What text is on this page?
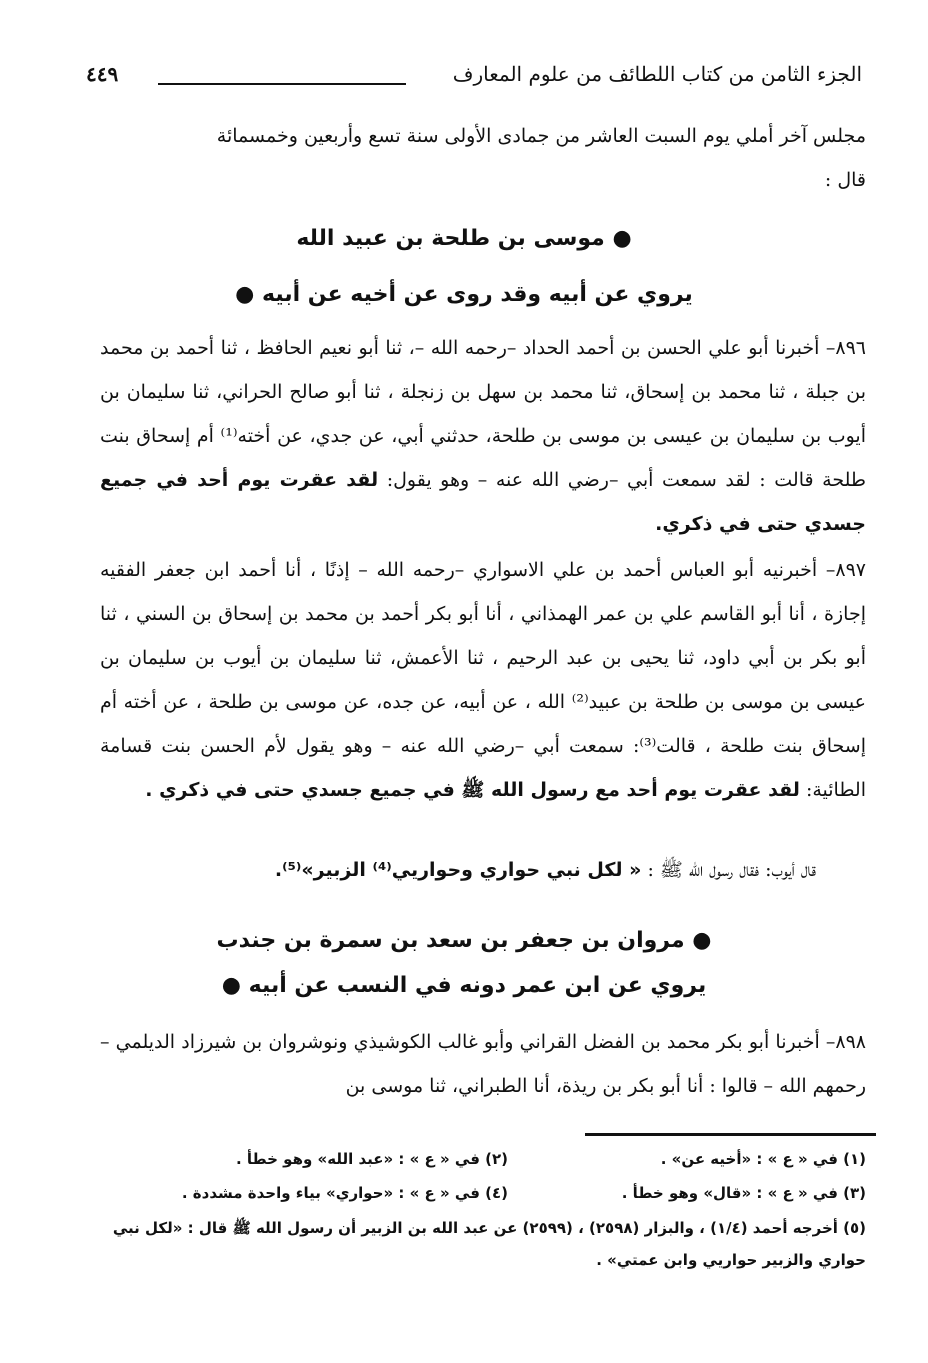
الجزء الثامن من كتاب اللطائف من علوم المعارف
٤٤٩
مجلس آخر أملي يوم السبت العاشر من جمادى الأولى سنة تسع وأربعين وخمسمائة
قال :
● موسى بن طلحة بن عبيد الله
يروي عن أبيه وقد روى عن أخيه عن أبيه ●

٨٩٦– أخبرنا أبو علي الحسن بن أحمد الحداد –رحمه الله –، ثنا أبو نعيم الحافظ ، ثنا أحمد بن محمد بن جبلة ، ثنا محمد بن إسحاق، ثنا محمد بن سهل بن زنجلة ، ثنا أبو صالح الحراني، ثنا سليمان بن أيوب بن سليمان بن عيسى بن موسى بن طلحة، حدثني أبي، عن جدي، عن أخته⁽¹⁾ أم إسحاق بنت طلحة قالت : لقد سمعت أبي –رضي الله عنه – وهو يقول: لقد عقرت يوم أحد في جميع جسدي حتى في ذكري.

٨٩٧– أخبرنيه أبو العباس أحمد بن علي الاسواري –رحمه الله – إذنًا ، أنا أحمد ابن جعفر الفقيه إجازة ، أنا أبو القاسم علي بن عمر الهمذاني ، أنا أبو بكر أحمد بن محمد بن إسحاق بن السني ، ثنا أبو بكر بن أبي داود، ثنا يحيى بن عبد الرحيم ، ثنا الأعمش، ثنا سليمان بن أيوب بن سليمان بن عيسى بن موسى بن طلحة بن عبيد⁽²⁾ الله ، عن أبيه، عن جده، عن موسى بن طلحة ، عن أخته أم إسحاق بنت طلحة ، قالت⁽³⁾: سمعت أبي –رضي الله عنه – وهو يقول لأم الحسن بنت قسامة الطائية: لقد عقرت يوم أحد مع رسول الله ﷺ في جميع جسدي حتى في ذكري .

قال أيوب: فقال رسول الله ﷺ : « لكل نبي حواري وحواريي⁽⁴⁾ الزبير»⁽⁵⁾.
● مروان بن جعفر بن سعد بن سمرة بن جندب
يروي عن ابن عمر دونه في النسب عن أبيه ●

٨٩٨– أخبرنا أبو بكر محمد بن الفضل القراني وأبو غالب الكوشيذي ونوشروان بن شيرزاد الديلمي –رحمهم الله – قالوا : أنا أبو بكر بن ريذة، أنا الطبراني، ثنا موسى بن

(١) في « ع » : «أخيه عن» .
(٢) في « ع » : «عبد الله» وهو خطأ .
(٣) في « ع » : «قال» وهو خطأ .
(٤) في « ع » : «حواري» بياء واحدة مشددة .
(٥) أخرجه أحمد (١/٤) ، والبزار (٢٥٩٨) ، (٢٥٩٩) عن عبد الله بن الزبير أن رسول الله ﷺ قال : «لكل نبي حواري والزبير حواريي وابن عمتي» .
